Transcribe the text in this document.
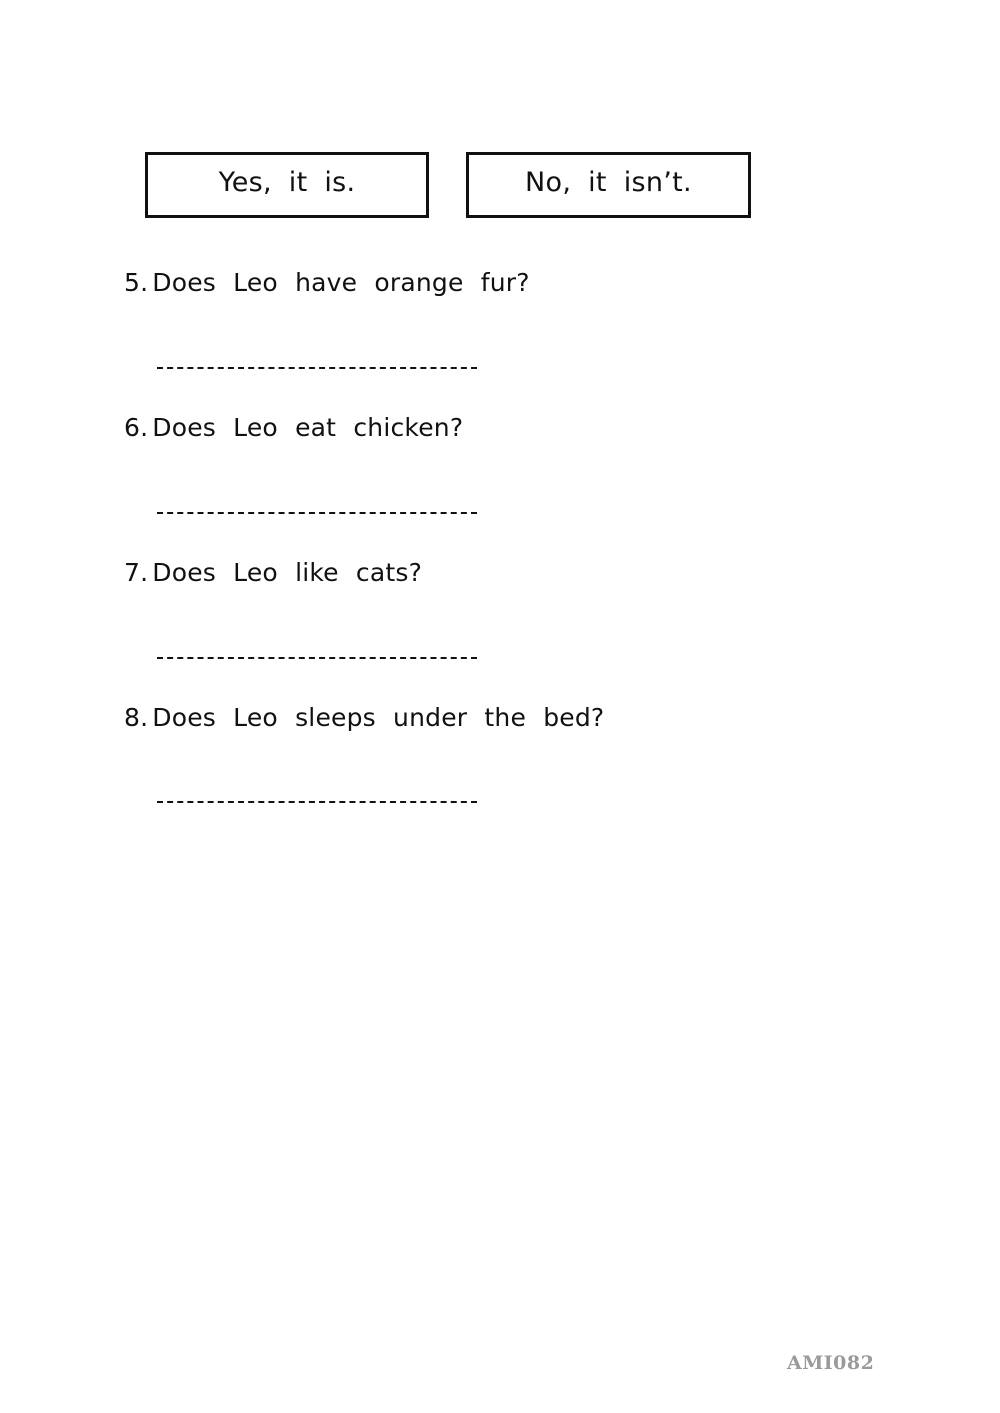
Yes, it is.	No, it isn’t.
5. Does Leo have orange fur?
6. Does Leo eat chicken?
7. Does Leo like cats?
8. Does Leo sleeps under the bed?
AMI082
